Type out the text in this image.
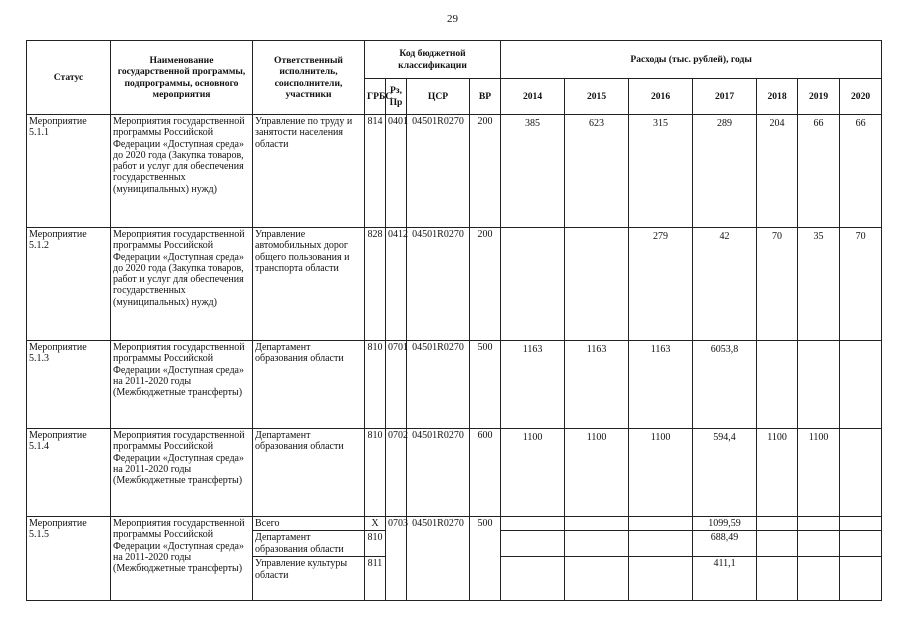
29
Статус	Наименование государственной программы, подпрограммы, основного мероприятия	Ответственный исполнитель, соисполнители, участники	Код бюджетной классификации				Расходы (тыс. рублей), годы						
			ГРБС	Рз, Пр	ЦСР	ВР	2014	2015	2016	2017	2018	2019	2020
Мероприятие 5.1.1	Мероприятия государственной программы Российской Федерации «Доступная среда» до 2020 года (Закупка товаров, работ и услуг для обеспечения государственных (муниципальных) нужд)	Управление по труду и занятости населения области	814	0401	04501R0270	200	385	623	315	289	204	66	66
Мероприятие 5.1.2	Мероприятия государственной программы Российской Федерации «Доступная среда» до 2020 года (Закупка товаров, работ и услуг для обеспечения государственных (муниципальных) нужд)	Управление автомобильных дорог общего пользования и транспорта области	828	0412	04501R0270	200			279	42	70	35	70
Мероприятие 5.1.3	Мероприятия государственной программы Российской Федерации «Доступная среда» на 2011-2020 годы (Межбюджетные трансферты)	Департамент образования области	810	0701	04501R0270	500	1163	1163	1163	6053,8			
Мероприятие 5.1.4	Мероприятия государственной программы Российской Федерации «Доступная среда» на 2011-2020 годы (Межбюджетные трансферты)	Департамент образования области	810	0702	04501R0270	600	1100	1100	1100	594,4	1100	1100	
Мероприятие 5.1.5	Мероприятия государственной программы Российской Федерации «Доступная среда» на 2011-2020 годы (Межбюджетные трансферты)	Всего	Х	0703	04501R0270	500				1099,59			
		Департамент образования области	810							688,49			
		Управление культуры области	811							411,1			
